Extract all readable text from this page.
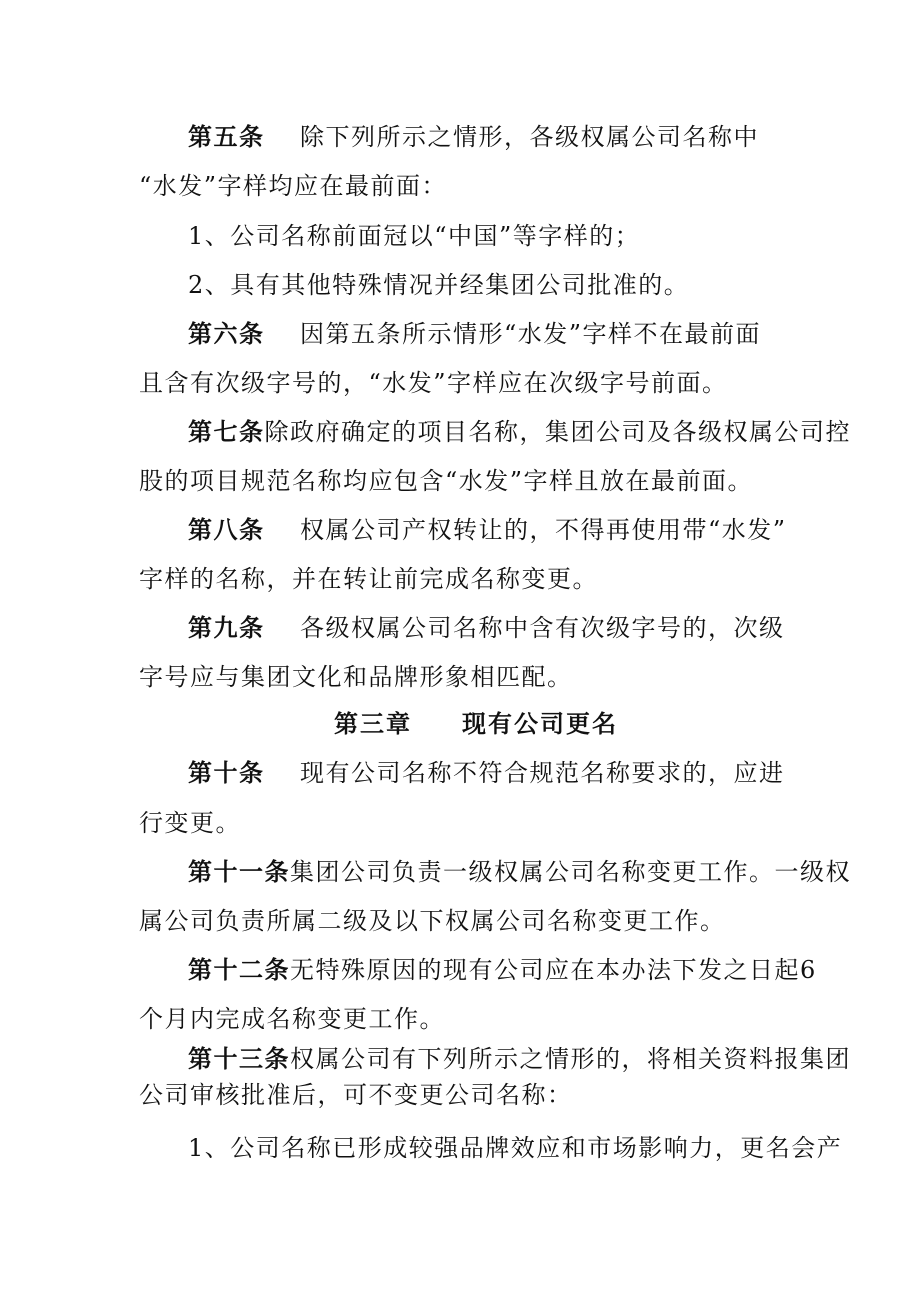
第五条 除下列所示之情形，各级权属公司名称中
“水发”字样均应在最前面：
1、公司名称前面冠以“中国”等字样的；
2、具有其他特殊情况并经集团公司批准的。
第六条 因第五条所示情形“水发”字样不在最前面
且含有次级字号的，“水发”字样应在次级字号前面。
第七条除政府确定的项目名称，集团公司及各级权属公司控
股的项目规范名称均应包含“水发”字样且放在最前面。
第八条 权属公司产权转让的，不得再使用带“水发”
字样的名称，并在转让前完成名称变更。
第九条 各级权属公司名称中含有次级字号的，次级
字号应与集团文化和品牌形象相匹配。
第三章 现有公司更名
第十条 现有公司名称不符合规范名称要求的，应进
行变更。
第十一条集团公司负责一级权属公司名称变更工作。一级权
属公司负责所属二级及以下权属公司名称变更工作。
第十二条无特殊原因的现有公司应在本办法下发之日起6
个月内完成名称变更工作。
第十三条权属公司有下列所示之情形的，将相关资料报集团
公司审核批准后，可不变更公司名称：
1、公司名称已形成较强品牌效应和市场影响力，更名会产
